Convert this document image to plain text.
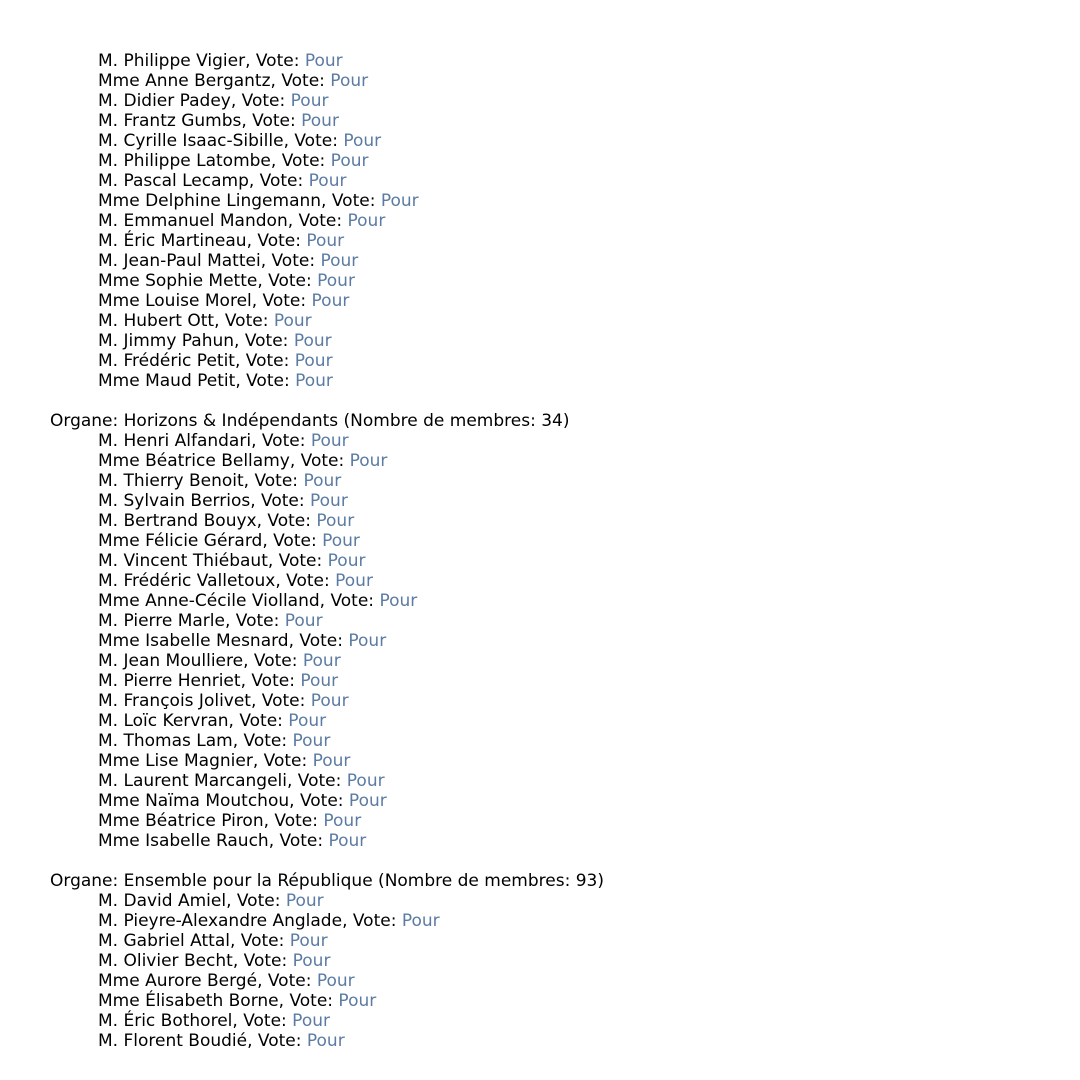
M. Philippe Vigier, Vote: Pour
Mme Anne Bergantz, Vote: Pour
M. Didier Padey, Vote: Pour
M. Frantz Gumbs, Vote: Pour
M. Cyrille Isaac-Sibille, Vote: Pour
M. Philippe Latombe, Vote: Pour
M. Pascal Lecamp, Vote: Pour
Mme Delphine Lingemann, Vote: Pour
M. Emmanuel Mandon, Vote: Pour
M. Éric Martineau, Vote: Pour
M. Jean-Paul Mattei, Vote: Pour
Mme Sophie Mette, Vote: Pour
Mme Louise Morel, Vote: Pour
M. Hubert Ott, Vote: Pour
M. Jimmy Pahun, Vote: Pour
M. Frédéric Petit, Vote: Pour
Mme Maud Petit, Vote: Pour
Organe: Horizons & Indépendants (Nombre de membres: 34)
M. Henri Alfandari, Vote: Pour
Mme Béatrice Bellamy, Vote: Pour
M. Thierry Benoit, Vote: Pour
M. Sylvain Berrios, Vote: Pour
M. Bertrand Bouyx, Vote: Pour
Mme Félicie Gérard, Vote: Pour
M. Vincent Thiébaut, Vote: Pour
M. Frédéric Valletoux, Vote: Pour
Mme Anne-Cécile Violland, Vote: Pour
M. Pierre Marle, Vote: Pour
Mme Isabelle Mesnard, Vote: Pour
M. Jean Moulliere, Vote: Pour
M. Pierre Henriet, Vote: Pour
M. François Jolivet, Vote: Pour
M. Loïc Kervran, Vote: Pour
M. Thomas Lam, Vote: Pour
Mme Lise Magnier, Vote: Pour
M. Laurent Marcangeli, Vote: Pour
Mme Naïma Moutchou, Vote: Pour
Mme Béatrice Piron, Vote: Pour
Mme Isabelle Rauch, Vote: Pour
Organe: Ensemble pour la République (Nombre de membres: 93)
M. David Amiel, Vote: Pour
M. Pieyre-Alexandre Anglade, Vote: Pour
M. Gabriel Attal, Vote: Pour
M. Olivier Becht, Vote: Pour
Mme Aurore Bergé, Vote: Pour
Mme Élisabeth Borne, Vote: Pour
M. Éric Bothorel, Vote: Pour
M. Florent Boudié, Vote: Pour
